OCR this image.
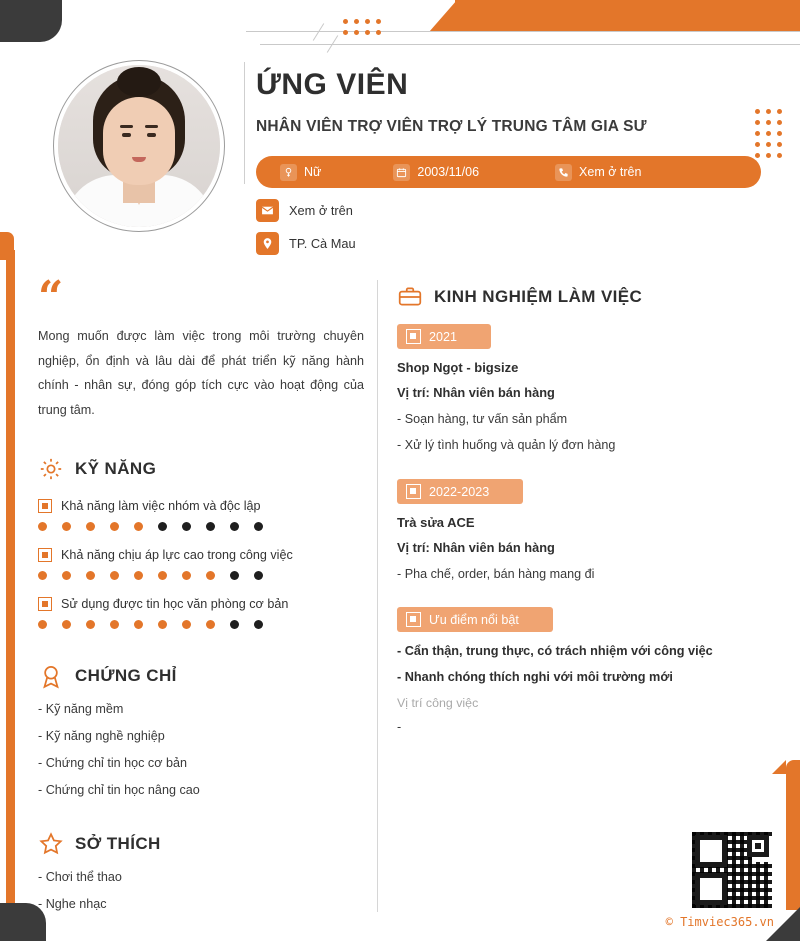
ỨNG VIÊN
NHÂN VIÊN TRỢ VIÊN TRỢ LÝ TRUNG TÂM GIA SƯ
Nữ	2003/11/06	Xem ở trên
Xem ở trên
TP. Cà Mau
“
Mong muốn được làm việc trong môi trường chuyên nghiệp, ổn định và lâu dài để phát triển kỹ năng hành chính - nhân sự, đóng góp tích cực vào hoạt động của trung tâm.
KỸ NĂNG
Khả năng làm việc nhóm và độc lập
Khả năng chịu áp lực cao trong công việc
Sử dụng được tin học văn phòng cơ bản
CHỨNG CHỈ
- Kỹ năng mềm
- Kỹ năng nghề nghiệp
- Chứng chỉ tin học cơ bản
- Chứng chỉ tin học nâng cao
SỞ THÍCH
- Chơi thể thao
- Nghe nhạc
KINH NGHIỆM LÀM VIỆC
2021
Shop Ngọt - bigsize
Vị trí: Nhân viên bán hàng
- Soạn hàng, tư vấn sản phẩm
- Xử lý tình huống và quản lý đơn hàng
2022-2023
Trà sửa ACE
Vị trí: Nhân viên bán hàng
- Pha chế, order, bán hàng mang đi
Ưu điểm nổi bật
- Cẩn thận, trung thực, có trách nhiệm với công việc
- Nhanh chóng thích nghi với môi trường mới
Vị trí công việc
-
© Timviec365.vn
